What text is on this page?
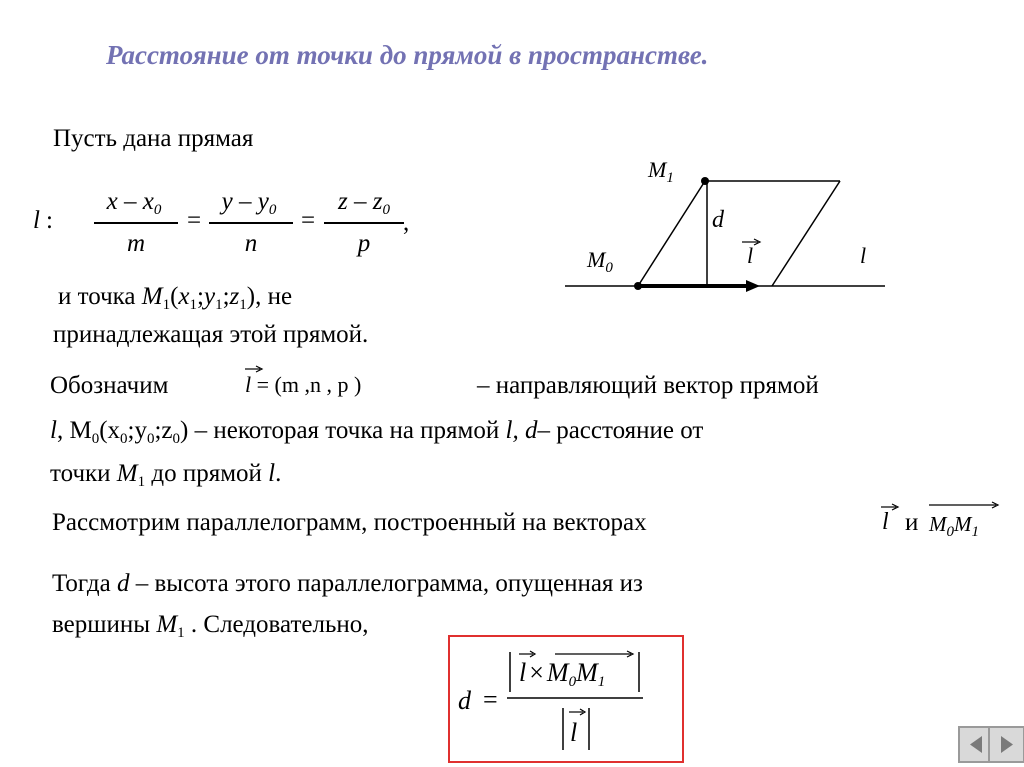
Расстояние от точки до прямой в пространстве.
Пусть дана прямая
l :
x – $x_0$
m
=
y – $y_0$
n
=
z – $z_0$
p
,
и точка $M_1(x_1;y_1;z_1)$, не
принадлежащая этой прямой.
Обозначим	l = (m ,n , p )	– направляющий вектор прямой
l, $M_0(x_0;y_0;z_0)$ – некоторая точка на прямой l, d– расстояние от
точки $M_1$ до прямой l.
Рассмотрим параллелограмм, построенный на векторах	l и $M_0M_1$
Тогда d – высота этого параллелограмма, опущенная из
вершины $M_1$ . Следовательно,
d =
$l \times M_0M_1$
l
$M_1$
$M_0$
d
l	l
